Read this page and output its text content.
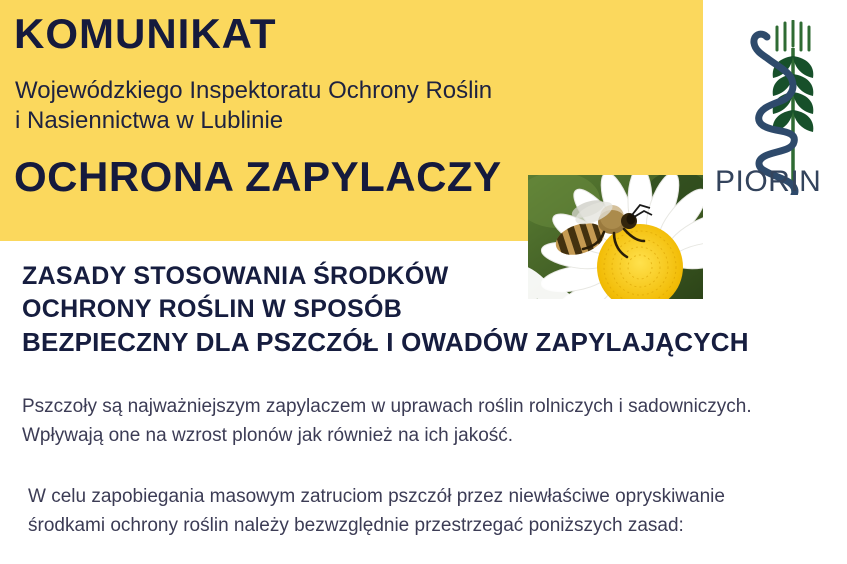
KOMUNIKAT
Wojewódzkiego Inspektoratu Ochrony Roślin
i Nasiennictwa w Lublinie
OCHRONA ZAPYLACZY	PIORIN
ZASADY STOSOWANIA ŚRODKÓW
OCHRONY ROŚLIN W SPOSÓB
BEZPIECZNY DLA PSZCZÓŁ I OWADÓW ZAPYLAJĄCYCH
Pszczoły są najważniejszym zapylaczem w uprawach roślin rolniczych i sadowniczych.
Wpływają one na wzrost plonów jak również na ich jakość.
W celu zapobiegania masowym zatruciom pszczół przez niewłaściwe opryskiwanie
środkami ochrony roślin należy bezwzględnie przestrzegać poniższych zasad:
